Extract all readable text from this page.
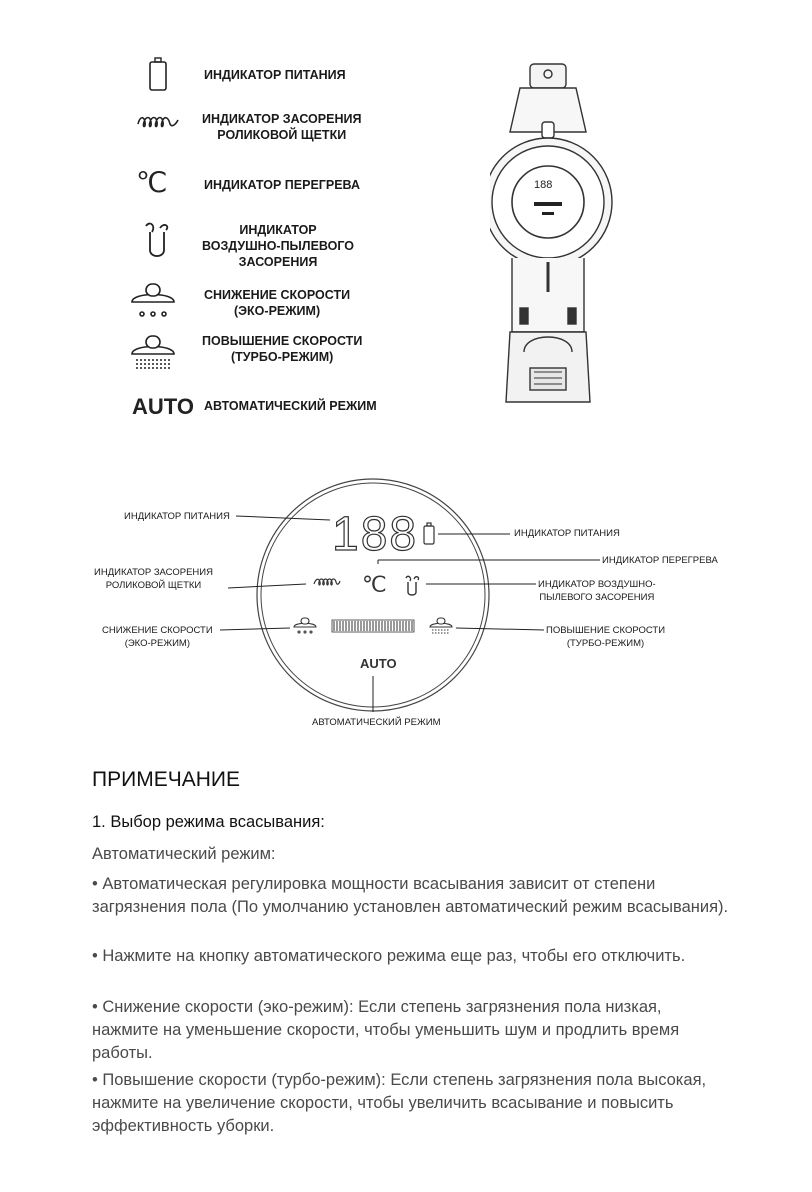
℃
AUTO
ИНДИКАТОР ПИТАНИЯ
ИНДИКАТОР ЗАСОРЕНИЯ
РОЛИКОВОЙ ЩЕТКИ
ИНДИКАТОР ПЕРЕГРЕВА
ИНДИКАТОР
ВОЗДУШНО-ПЫЛЕВОГО
ЗАСОРЕНИЯ
СНИЖЕНИЕ СКОРОСТИ
(ЭКО-РЕЖИМ)
ПОВЫШЕНИЕ СКОРОСТИ
(ТУРБО-РЕЖИМ)
АВТОМАТИЧЕСКИЙ РЕЖИМ
188
188
℃
AUTO
ИНДИКАТОР ПИТАНИЯ
ИНДИКАТОР ПИТАНИЯ
ИНДИКАТОР ПЕРЕГРЕВА
ИНДИКАТОР ЗАСОРЕНИЯ
РОЛИКОВОЙ ЩЕТКИ	ИНДИКАТОР ВОЗДУШНО-
ПЫЛЕВОГО ЗАСОРЕНИЯ
СНИЖЕНИЕ СКОРОСТИ
(ЭКО-РЕЖИМ)
ПОВЫШЕНИЕ СКОРОСТИ
(ТУРБО-РЕЖИМ)
АВТОМАТИЧЕСКИЙ РЕЖИМ
ПРИМЕЧАНИЕ
1. Выбор режима всасывания:
Автоматический режим:
• Автоматическая регулировка мощности всасывания зависит от степени загрязнения пола (По умолчанию установлен автоматический режим всасывания).
• Нажмите на кнопку автоматического режима еще раз, чтобы его отключить.
• Снижение скорости (эко-режим): Если степень загрязнения пола низкая, нажмите на уменьшение скорости, чтобы уменьшить шум и продлить время работы.
• Повышение скорости (турбо-режим): Если степень загрязнения пола высокая, нажмите на увеличение скорости, чтобы увеличить всасывание и повысить эффективность уборки.
